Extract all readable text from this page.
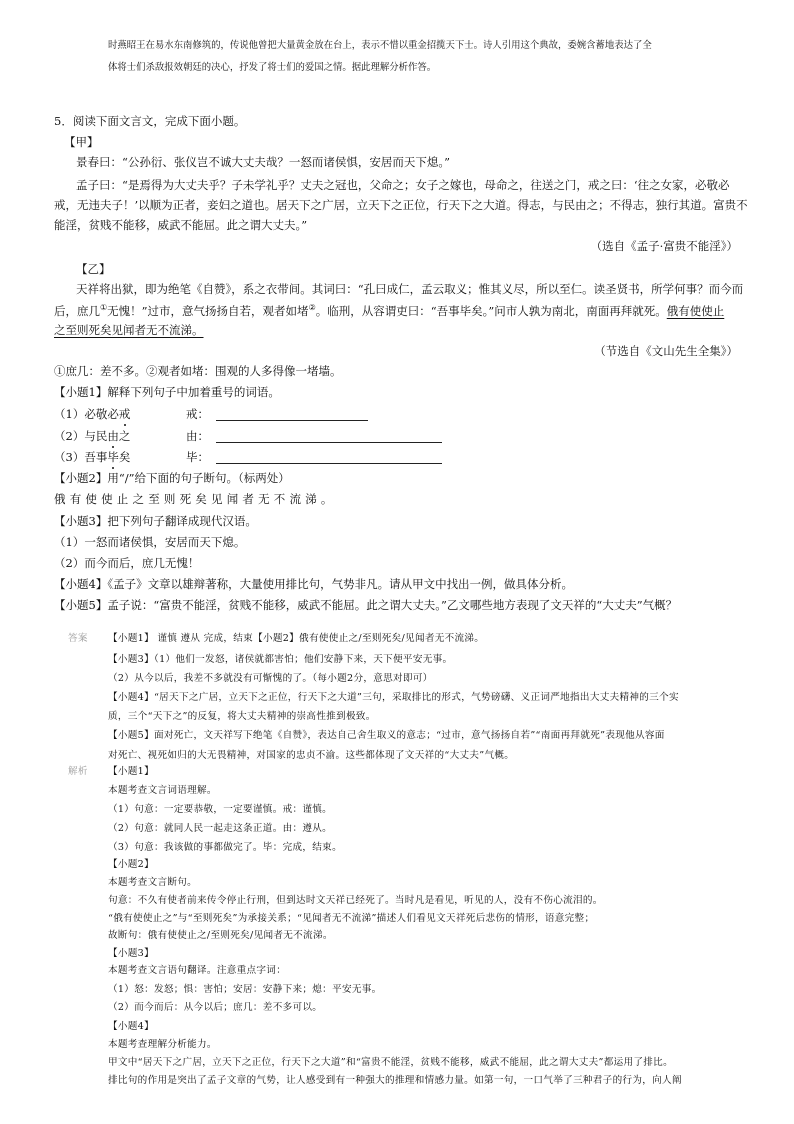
时燕昭王在易水东南修筑的，传说他曾把大量黄金放在台上，表示不惜以重金招揽天下士。诗人引用这个典故，委婉含蓄地表达了全
体将士们杀敌报效朝廷的决心，抒发了将士们的爱国之情。据此理解分析作答。
5．阅读下面文言文，完成下面小题。
【甲】
景春曰：“公孙衍、张仪岂不诚大丈夫哉？一怒而诸侯惧，安居而天下熄。”
孟子曰：“是焉得为大丈夫乎？子未学礼乎？丈夫之冠也，父命之；女子之嫁也，母命之，往送之门，戒之曰：‘往之女家，必敬必
戒，无违夫子！’以顺为正者，妾妇之道也。居天下之广居，立天下之正位，行天下之大道。得志，与民由之；不得志，独行其道。富贵不
能淫，贫贱不能移，威武不能屈。此之谓大丈夫。”
（选自《孟子·富贵不能淫》）
【乙】
天祥将出狱，即为绝笔《自赞》，系之衣带间。其词曰：“孔曰成仁，孟云取义；惟其义尽，所以至仁。读圣贤书，所学何事？而今而
后，庶几①无愧！”过市，意气扬扬自若，观者如堵②。临刑，从容谓吏曰：“吾事毕矣。”问市人孰为南北，南面再拜就死。俄有使使止
之至则死矣见闻者无不流涕。
（节选自《文山先生全集》）
①庶几：差不多。②观者如堵：围观的人多得像一堵墙。
【小题1】解释下列句子中加着重号的词语。
（1）必敬必戒	戒：
（2）与民由之	由：
（3）吾事毕矣	毕：
【小题2】用“/”给下面的句子断句。（标两处）
俄有使使止之至则死矣见闻者无不流涕。
【小题3】把下列句子翻译成现代汉语。
（1）一怒而诸侯惧，安居而天下熄。
（2）而今而后，庶几无愧！
【小题4】《孟子》文章以雄辩著称，大量使用排比句，气势非凡。请从甲文中找出一例，做具体分析。
【小题5】孟子说：“富贵不能淫，贫贱不能移，威武不能屈。此之谓大丈夫。”乙文哪些地方表现了文天祥的“大丈夫”气概？
答案 【小题1】 谨慎 遵从 完成，结束【小题2】俄有使使止之/至则死矣/见闻者无不流涕。
【小题3】（1）他们一发怒，诸侯就都害怕；他们安静下来，天下便平安无事。
（2）从今以后，我差不多就没有可惭愧的了。（每小题2分，意思对即可）
【小题4】“居天下之广居，立天下之正位，行天下之大道”三句，采取排比的形式，气势磅礴、义正词严地指出大丈夫精神的三个实
质，三个“天下之”的反复，将大丈夫精神的崇高性推到极致。
【小题5】面对死亡，文天祥写下绝笔《自赞》，表达自己舍生取义的意志；“过市，意气扬扬自若”“南面再拜就死”表现他从容面
对死亡、视死如归的大无畏精神，对国家的忠贞不渝。这些都体现了文天祥的“大丈夫”气概。
解析 【小题1】
本题考查文言词语理解。
（1）句意：一定要恭敬，一定要谨慎。戒：谨慎。
（2）句意：就同人民一起走这条正道。由：遵从。
（3）句意：我该做的事都做完了。毕：完成，结束。
【小题2】
本题考查文言断句。
句意：不久有使者前来传令停止行刑，但到达时文天祥已经死了。当时凡是看见，听见的人，没有不伤心流泪的。
“俄有使使止之”与“至则死矣”为承接关系；“见闻者无不流涕”描述人们看见文天祥死后悲伤的情形，语意完整；
故断句：俄有使使止之/至则死矣/见闻者无不流涕。
【小题3】
本题考查文言语句翻译。注意重点字词：
（1）怒：发怒；惧：害怕；安居：安静下来；熄：平安无事。
（2）而今而后：从今以后；庶几：差不多可以。
【小题4】
本题考查理解分析能力。
甲文中“居天下之广居，立天下之正位，行天下之大道”和“富贵不能淫，贫贱不能移，威武不能屈，此之谓大丈夫”都运用了排比。
排比句的作用是突出了孟子文章的气势，让人感受到有一种强大的推理和情感力量。如第一句，一口气举了三种君子的行为，向人阐
